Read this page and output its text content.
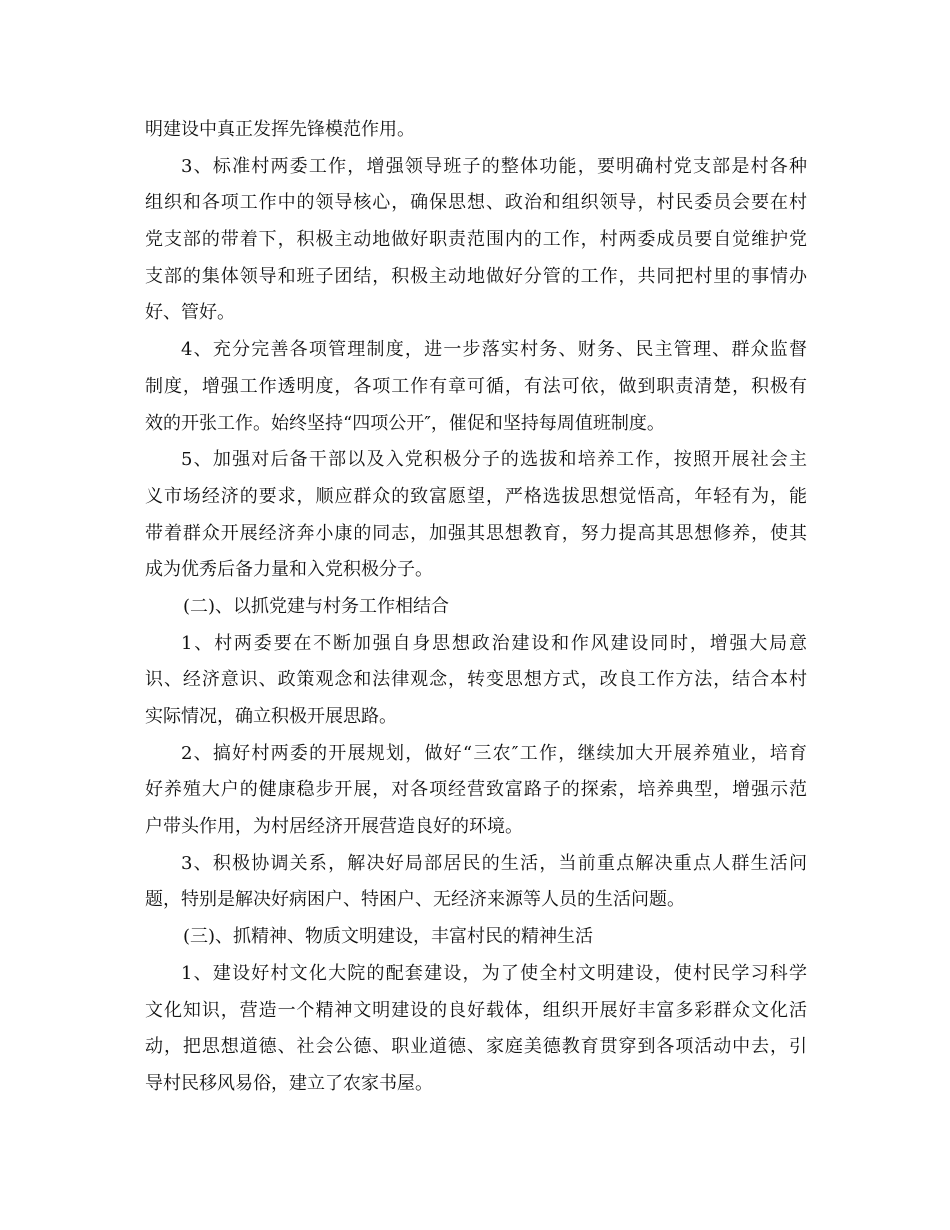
明建设中真正发挥先锋模范作用。
3、标准村两委工作，增强领导班子的整体功能，要明确村党支部是村各种
组织和各项工作中的领导核心，确保思想、政治和组织领导，村民委员会要在村
党支部的带着下，积极主动地做好职责范围内的工作，村两委成员要自觉维护党
支部的集体领导和班子团结，积极主动地做好分管的工作，共同把村里的事情办
好、管好。
4、充分完善各项管理制度，进一步落实村务、财务、民主管理、群众监督
制度，增强工作透明度，各项工作有章可循，有法可依，做到职责清楚，积极有
效的开张工作。始终坚持“四项公开″，催促和坚持每周值班制度。
5、加强对后备干部以及入党积极分子的选拔和培养工作，按照开展社会主
义市场经济的要求，顺应群众的致富愿望，严格选拔思想觉悟高，年轻有为，能
带着群众开展经济奔小康的同志，加强其思想教育，努力提高其思想修养，使其
成为优秀后备力量和入党积极分子。
(二)、以抓党建与村务工作相结合
1、村两委要在不断加强自身思想政治建设和作风建设同时，增强大局意
识、经济意识、政策观念和法律观念，转变思想方式，改良工作方法，结合本村
实际情况，确立积极开展思路。
2、搞好村两委的开展规划，做好“三农″工作，继续加大开展养殖业，培育
好养殖大户的健康稳步开展，对各项经营致富路子的探索，培养典型，增强示范
户带头作用，为村居经济开展营造良好的环境。
3、积极协调关系，解决好局部居民的生活，当前重点解决重点人群生活问
题，特别是解决好病困户、特困户、无经济来源等人员的生活问题。
(三)、抓精神、物质文明建设，丰富村民的精神生活
1、建设好村文化大院的配套建设，为了使全村文明建设，使村民学习科学
文化知识，营造一个精神文明建设的良好载体，组织开展好丰富多彩群众文化活
动，把思想道德、社会公德、职业道德、家庭美德教育贯穿到各项活动中去，引
导村民移风易俗，建立了农家书屋。
